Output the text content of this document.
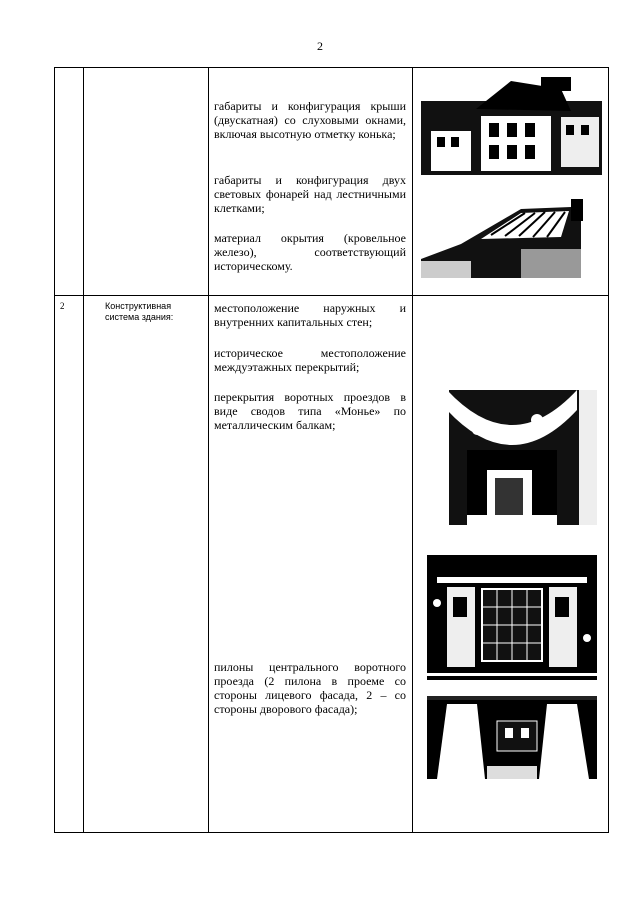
2
габариты и конфигурация крыши (двускатная) со слуховыми окнами, включая высотную отметку конька;
габариты и конфигурация двух световых фонарей над лестничными клетками;
материал окрытия (кровельное железо), соответствующий историческому.
2	Конструктивная система здания:
местоположение наружных и внутренних капитальных стен;
историческое местоположение междуэтажных перекрытий;
перекрытия воротных проездов в виде сводов типа «Монье» по металлическим балкам;
пилоны центрального воротного проезда (2 пилона в проеме со стороны лицевого фасада, 2 – со стороны дворового фасада);
